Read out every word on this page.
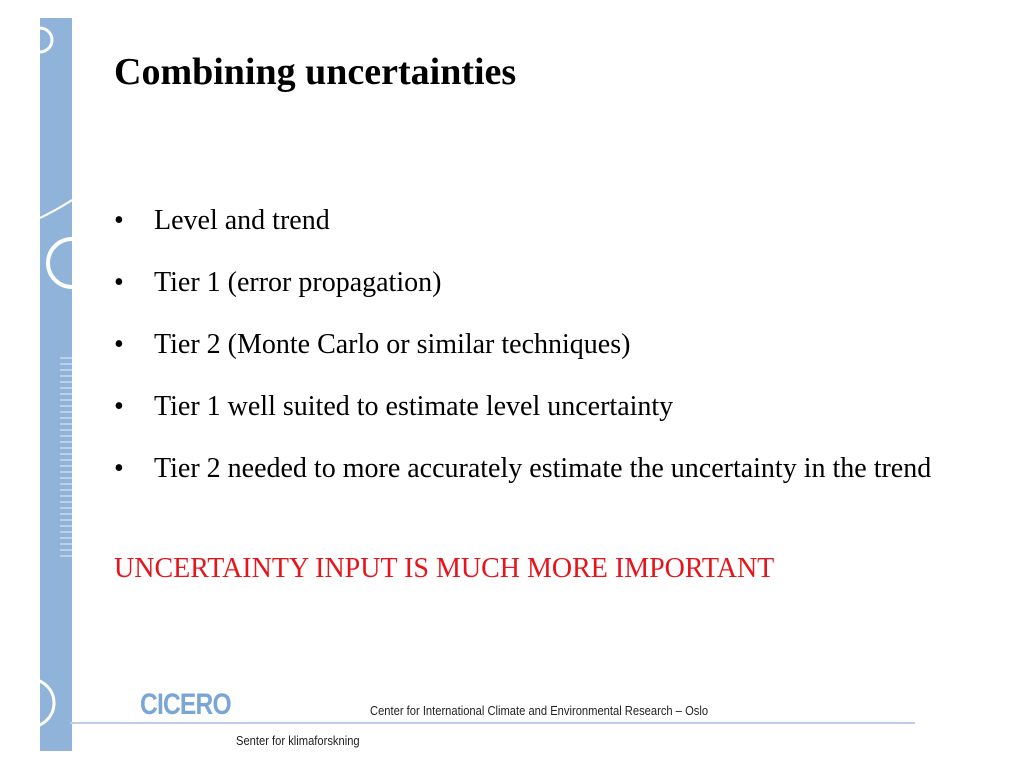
Combining uncertainties
• Level and trend
• Tier 1 (error propagation)
• Tier 2 (Monte Carlo or similar techniques)
• Tier 1 well suited to estimate level uncertainty
• Tier 2 needed to more accurately estimate the uncertainty in the trend
UNCERTAINTY INPUT IS MUCH MORE IMPORTANT
CICERO	Center for International Climate and Environmental Research – Oslo
Senter for klimaforskning
